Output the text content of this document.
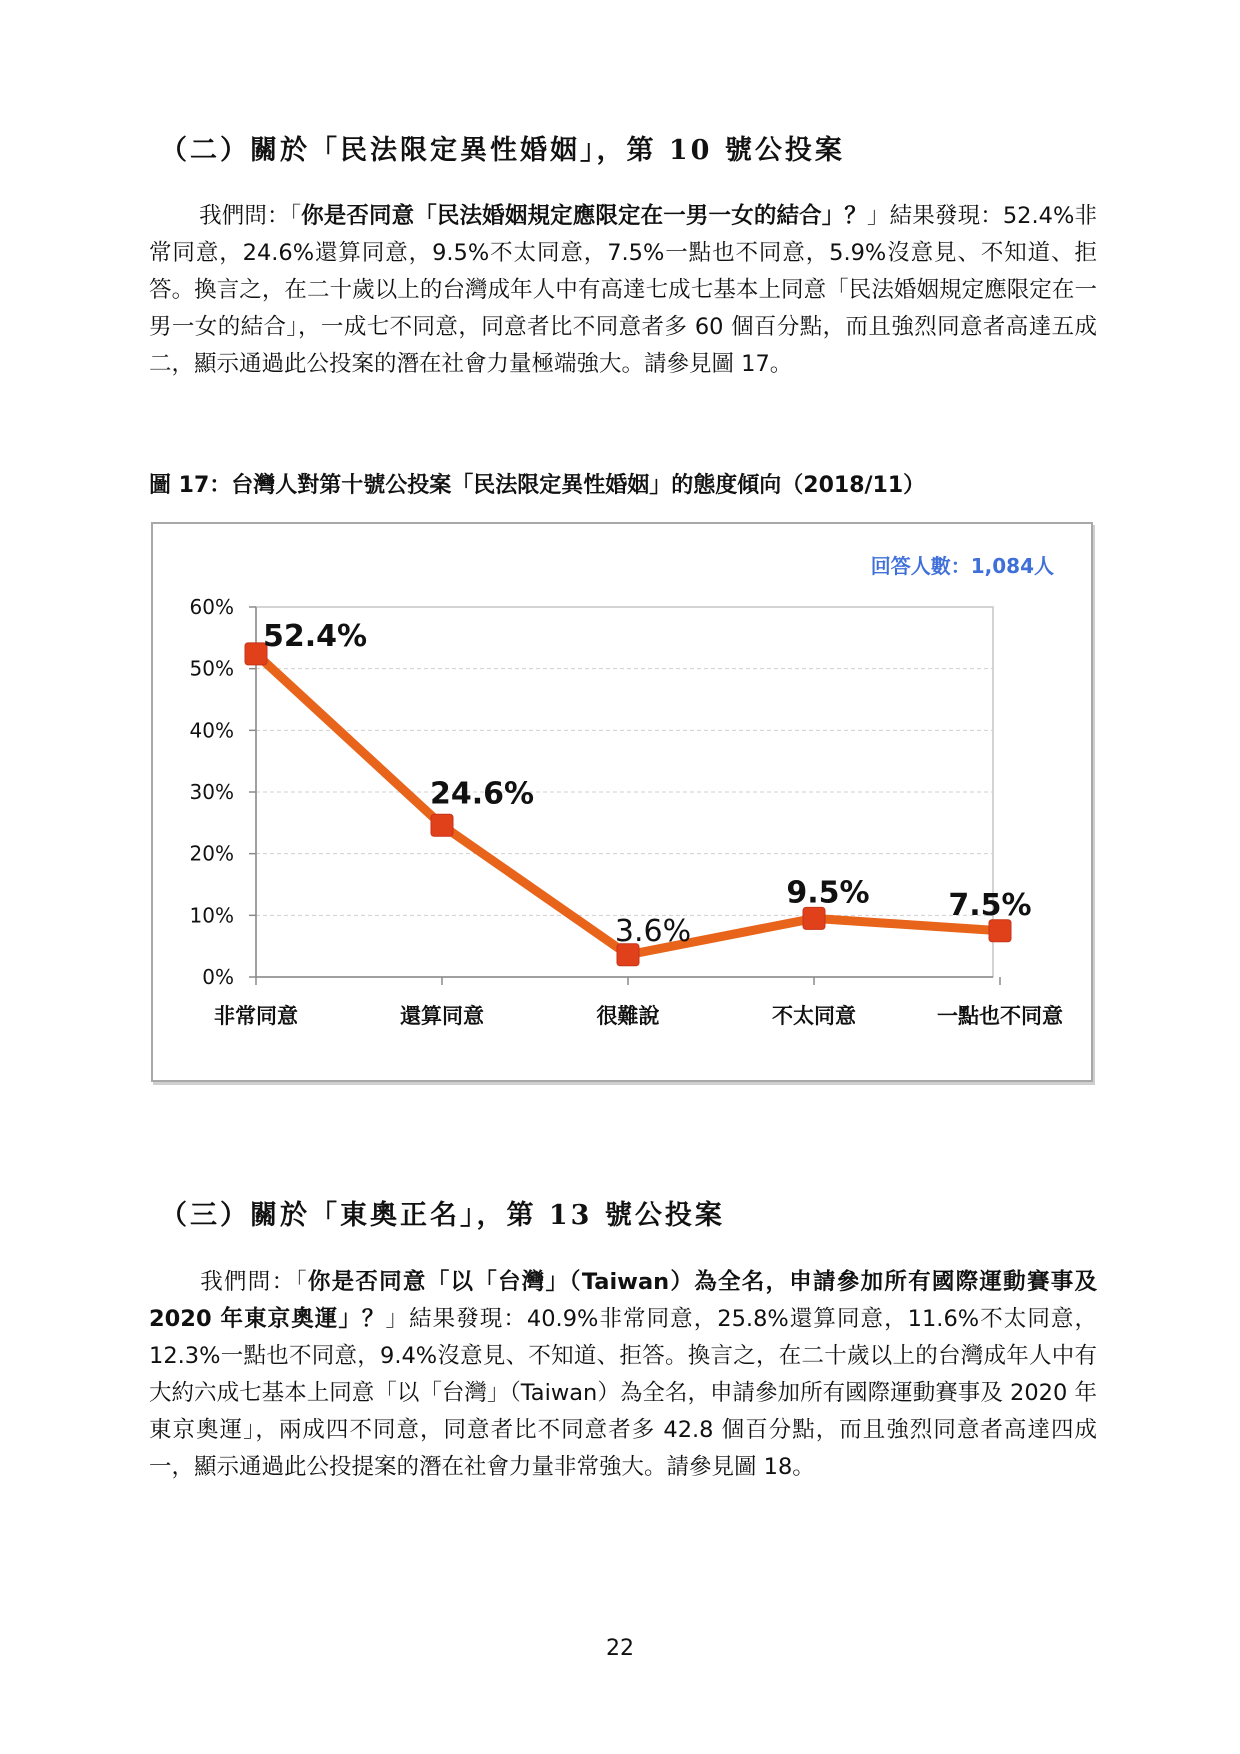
（二）關於「民法限定異性婚姻」，第 10 號公投案
我們問：「你是否同意「民法婚姻規定應限定在一男一女的結合」？」結果發現：52.4%非常同意，24.6%還算同意，9.5%不太同意，7.5%一點也不同意，5.9%沒意見、不知道、拒答。換言之，在二十歲以上的台灣成年人中有高達七成七基本上同意「民法婚姻規定應限定在一男一女的結合」，一成七不同意，同意者比不同意者多 60 個百分點，而且強烈同意者高達五成二，顯示通過此公投案的潛在社會力量極端強大。請參見圖 17。
圖 17：台灣人對第十號公投案「民法限定異性婚姻」的態度傾向（2018/11）
0%
10%
20%
30%
40%
50%
60%
非常同意	還算同意	很難說	不太同意	一點也不同意
52.4%
24.6%
3.6%
9.5%	7.5%
回答人數：1,084人
（三）關於「東奧正名」，第 13 號公投案
我們問：「你是否同意「以「台灣」（Taiwan）為全名，申請參加所有國際運動賽事及 2020 年東京奧運」？」結果發現：40.9%非常同意，25.8%還算同意，11.6%不太同意，12.3%一點也不同意，9.4%沒意見、不知道、拒答。換言之，在二十歲以上的台灣成年人中有大約六成七基本上同意「以「台灣」（Taiwan）為全名，申請參加所有國際運動賽事及 2020 年東京奧運」，兩成四不同意，同意者比不同意者多 42.8 個百分點，而且強烈同意者高達四成一，顯示通過此公投提案的潛在社會力量非常強大。請參見圖 18。
22
